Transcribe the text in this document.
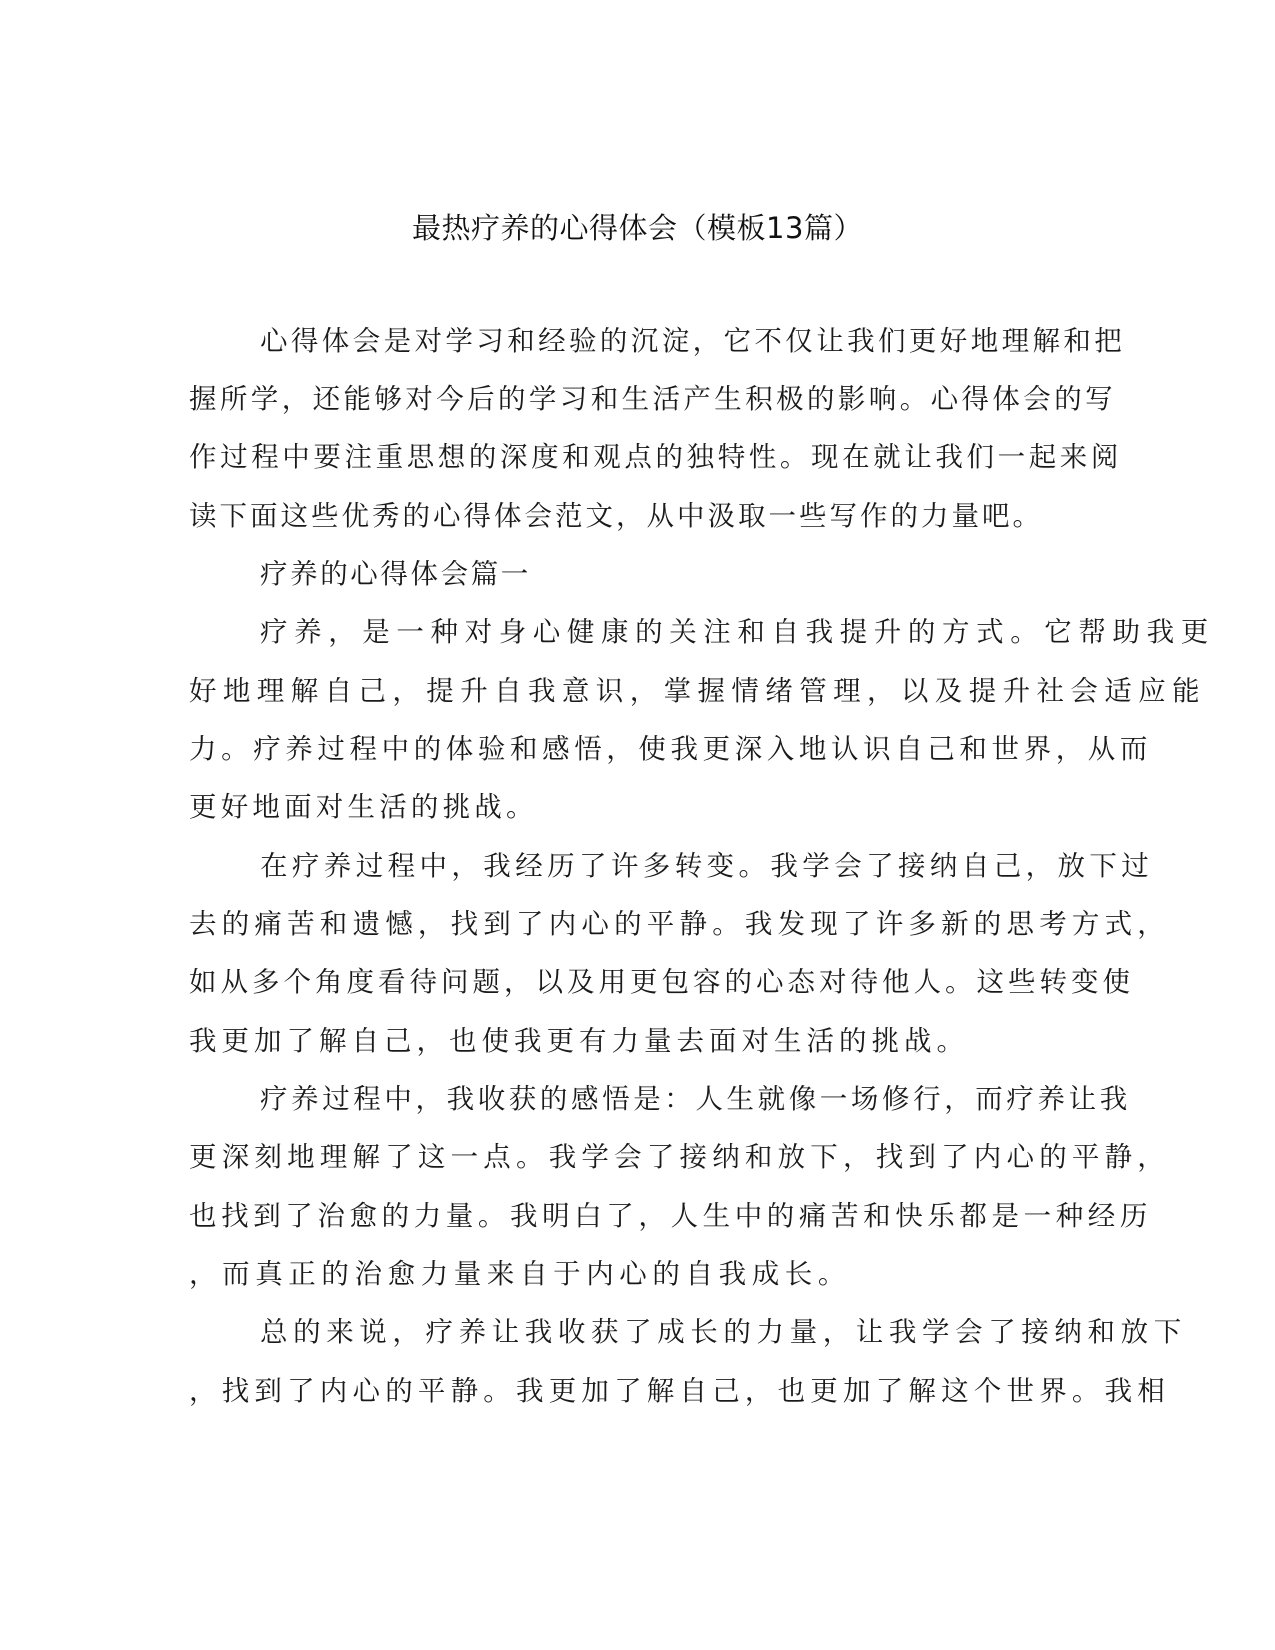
最热疗养的心得体会（模板13篇）
心得体会是对学习和经验的沉淀，它不仅让我们更好地理解和把
握所学，还能够对今后的学习和生活产生积极的影响。心得体会的写
作过程中要注重思想的深度和观点的独特性。现在就让我们一起来阅
读下面这些优秀的心得体会范文，从中汲取一些写作的力量吧。
疗养的心得体会篇一
疗养，是一种对身心健康的关注和自我提升的方式。它帮助我更
好地理解自己，提升自我意识，掌握情绪管理，以及提升社会适应能
力。疗养过程中的体验和感悟，使我更深入地认识自己和世界，从而
更好地面对生活的挑战。
在疗养过程中，我经历了许多转变。我学会了接纳自己，放下过
去的痛苦和遗憾，找到了内心的平静。我发现了许多新的思考方式，
如从多个角度看待问题，以及用更包容的心态对待他人。这些转变使
我更加了解自己，也使我更有力量去面对生活的挑战。
疗养过程中，我收获的感悟是：人生就像一场修行，而疗养让我
更深刻地理解了这一点。我学会了接纳和放下，找到了内心的平静，
也找到了治愈的力量。我明白了，人生中的痛苦和快乐都是一种经历
，而真正的治愈力量来自于内心的自我成长。
总的来说，疗养让我收获了成长的力量，让我学会了接纳和放下
，找到了内心的平静。我更加了解自己，也更加了解这个世界。我相
